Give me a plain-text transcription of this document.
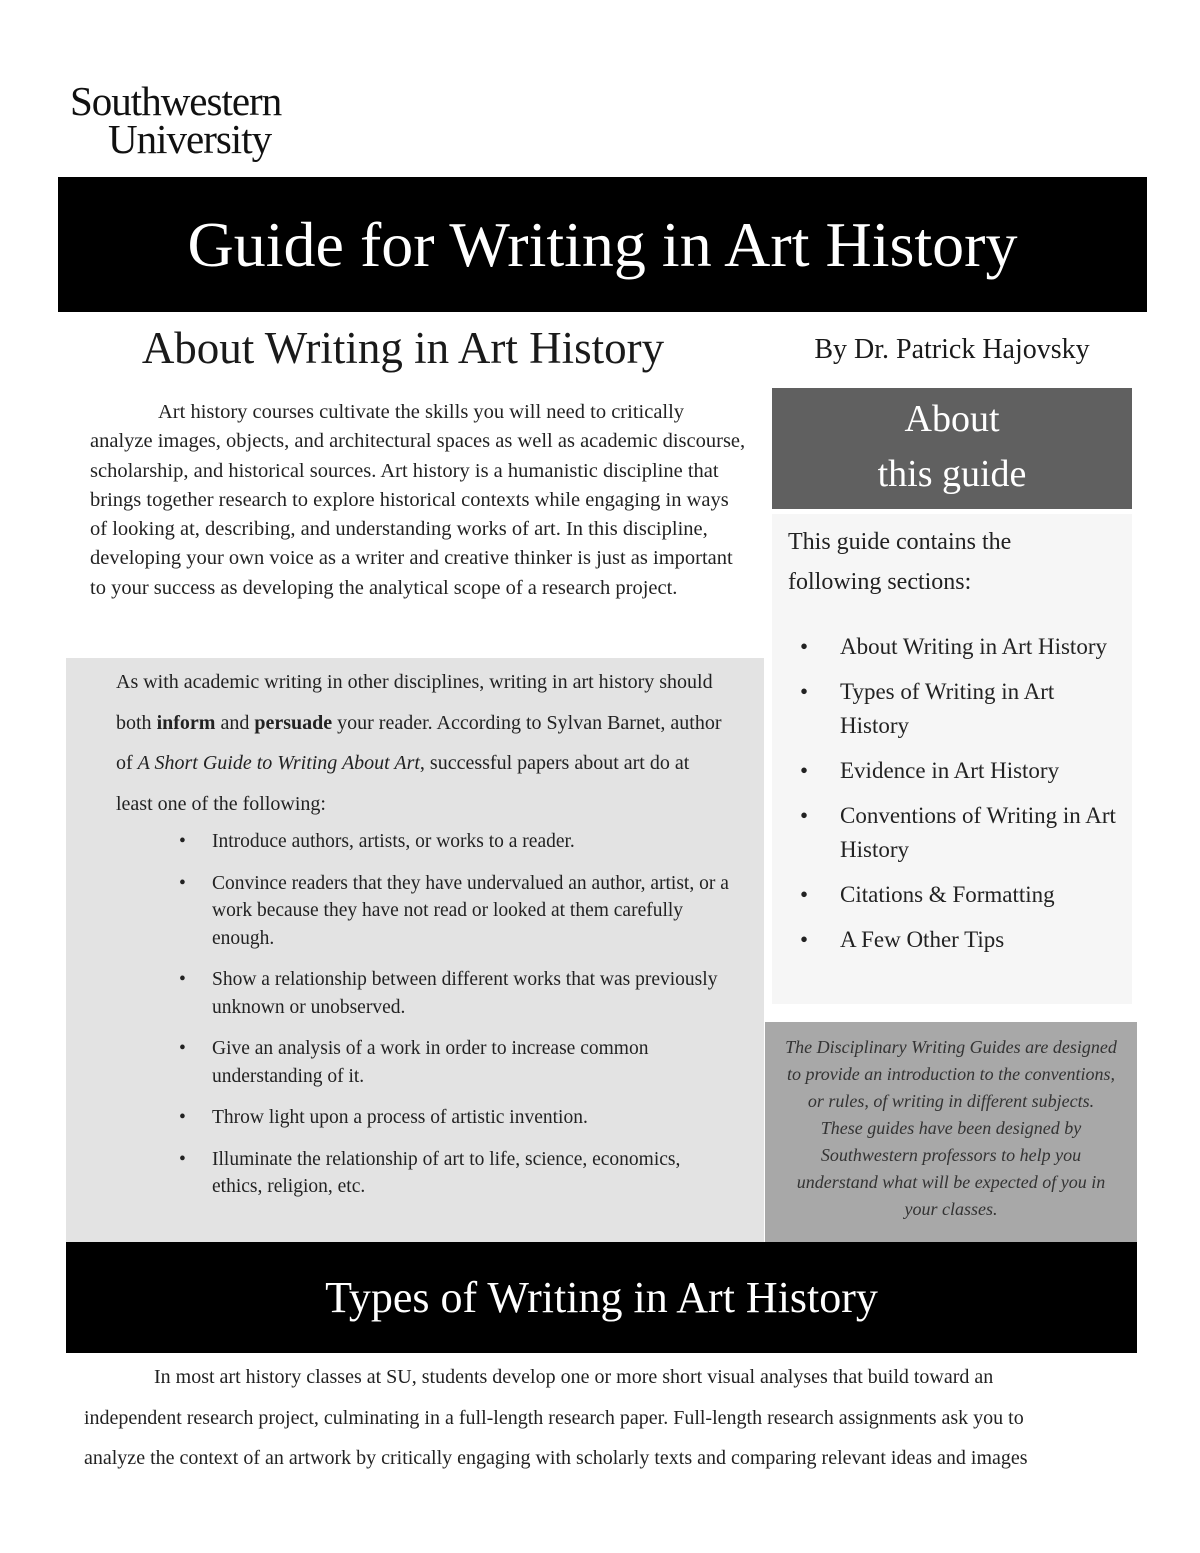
Southwestern
University
Guide for Writing in Art History
About Writing in Art History	By Dr. Patrick Hajovsky

Art history courses cultivate the skills you will need to critically analyze images, objects, and architectural spaces as well as academic discourse, scholarship, and historical sources. Art history is a humanistic discipline that brings together research to explore historical contexts while engaging in ways of looking at, describing, and understanding works of art. In this discipline, developing your own voice as a writer and creative thinker is just as important to your success as developing the analytical scope of a research project.

As with academic writing in other disciplines, writing in art history should both inform and persuade your reader. According to Sylvan Barnet, author of A Short Guide to Writing About Art, successful papers about art do at least one of the following:

• Introduce authors, artists, or works to a reader.
• Convince readers that they have undervalued an author, artist, or a work because they have not read or looked at them carefully enough.
• Show a relationship between different works that was previously unknown or unobserved.
• Give an analysis of a work in order to increase common understanding of it.
• Throw light upon a process of artistic invention.
• Illuminate the relationship of art to life, science, economics, ethics, religion, etc.
About
this guide

This guide contains the following sections:

• About Writing in Art History
• Types of Writing in Art History
• Evidence in Art History
• Conventions of Writing in Art History
• Citations & Formatting
• A Few Other Tips

The Disciplinary Writing Guides are designed to provide an introduction to the conventions, or rules, of writing in different subjects. These guides have been designed by Southwestern professors to help you understand what will be expected of you in your classes.

Types of Writing in Art History

In most art history classes at SU, students develop one or more short visual analyses that build toward an independent research project, culminating in a full-length research paper. Full-length research assignments ask you to analyze the context of an artwork by critically engaging with scholarly texts and comparing relevant ideas and images
